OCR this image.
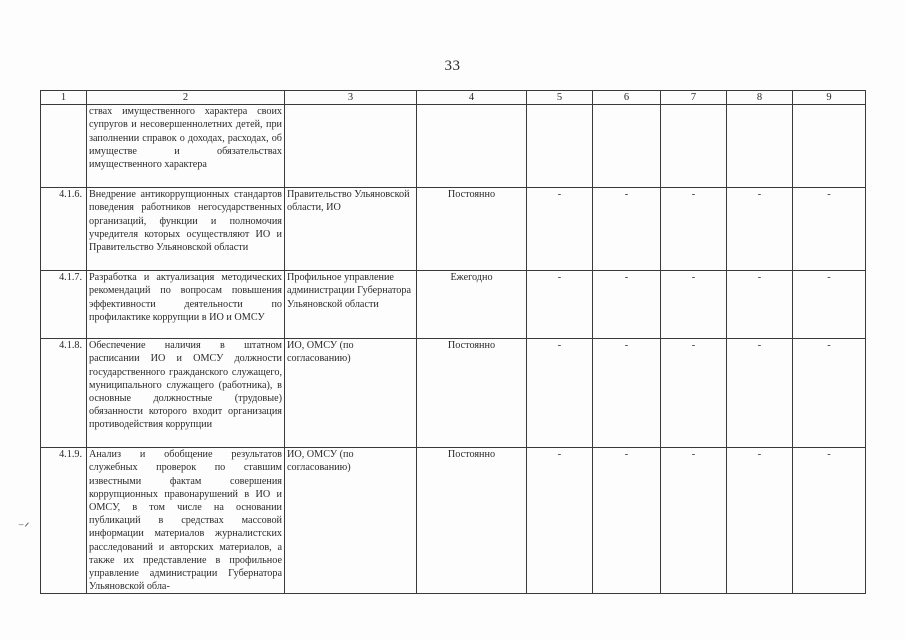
33
⁻ᐟ
1	2	3	4	5	6	7	8	9
	ствах имущественного характера своих супругов и несовершеннолетних детей, при заполнении справок о доходах, расходах, об имуществе и обязательствах имущественного характера							
4.1.6.	Внедрение антикоррупционных стандартов поведения работников негосударственных организаций, функции и полномочия учредителя которых осуществляют ИО и Правительство Ульяновской области	Правительство Ульяновской области, ИО	Постоянно	-	-	-	-	-
4.1.7.	Разработка и актуализация методических рекомендаций по вопросам повышения эффективности деятельности по профилактике коррупции в ИО и ОМСУ	Профильное управление администрации Губернатора Ульяновской области	Ежегодно	-	-	-	-	-
4.1.8.	Обеспечение наличия в штатном расписании ИО и ОМСУ должности государственного гражданского служащего, муниципального служащего (работника), в основные должностные (трудовые) обязанности которого входит организация противодействия коррупции	ИО, ОМСУ (по согласованию)	Постоянно	-	-	-	-	-
4.1.9.	Анализ и обобщение результатов служебных проверок по ставшим известными фактам совершения коррупционных правонарушений в ИО и ОМСУ, в том числе на основании публикаций в средствах массовой информации материалов журналистских расследований и авторских материалов, а также их представление в профильное управление администрации Губернатора Ульяновской обла-	ИО, ОМСУ (по согласованию)	Постоянно	-	-	-	-	-
